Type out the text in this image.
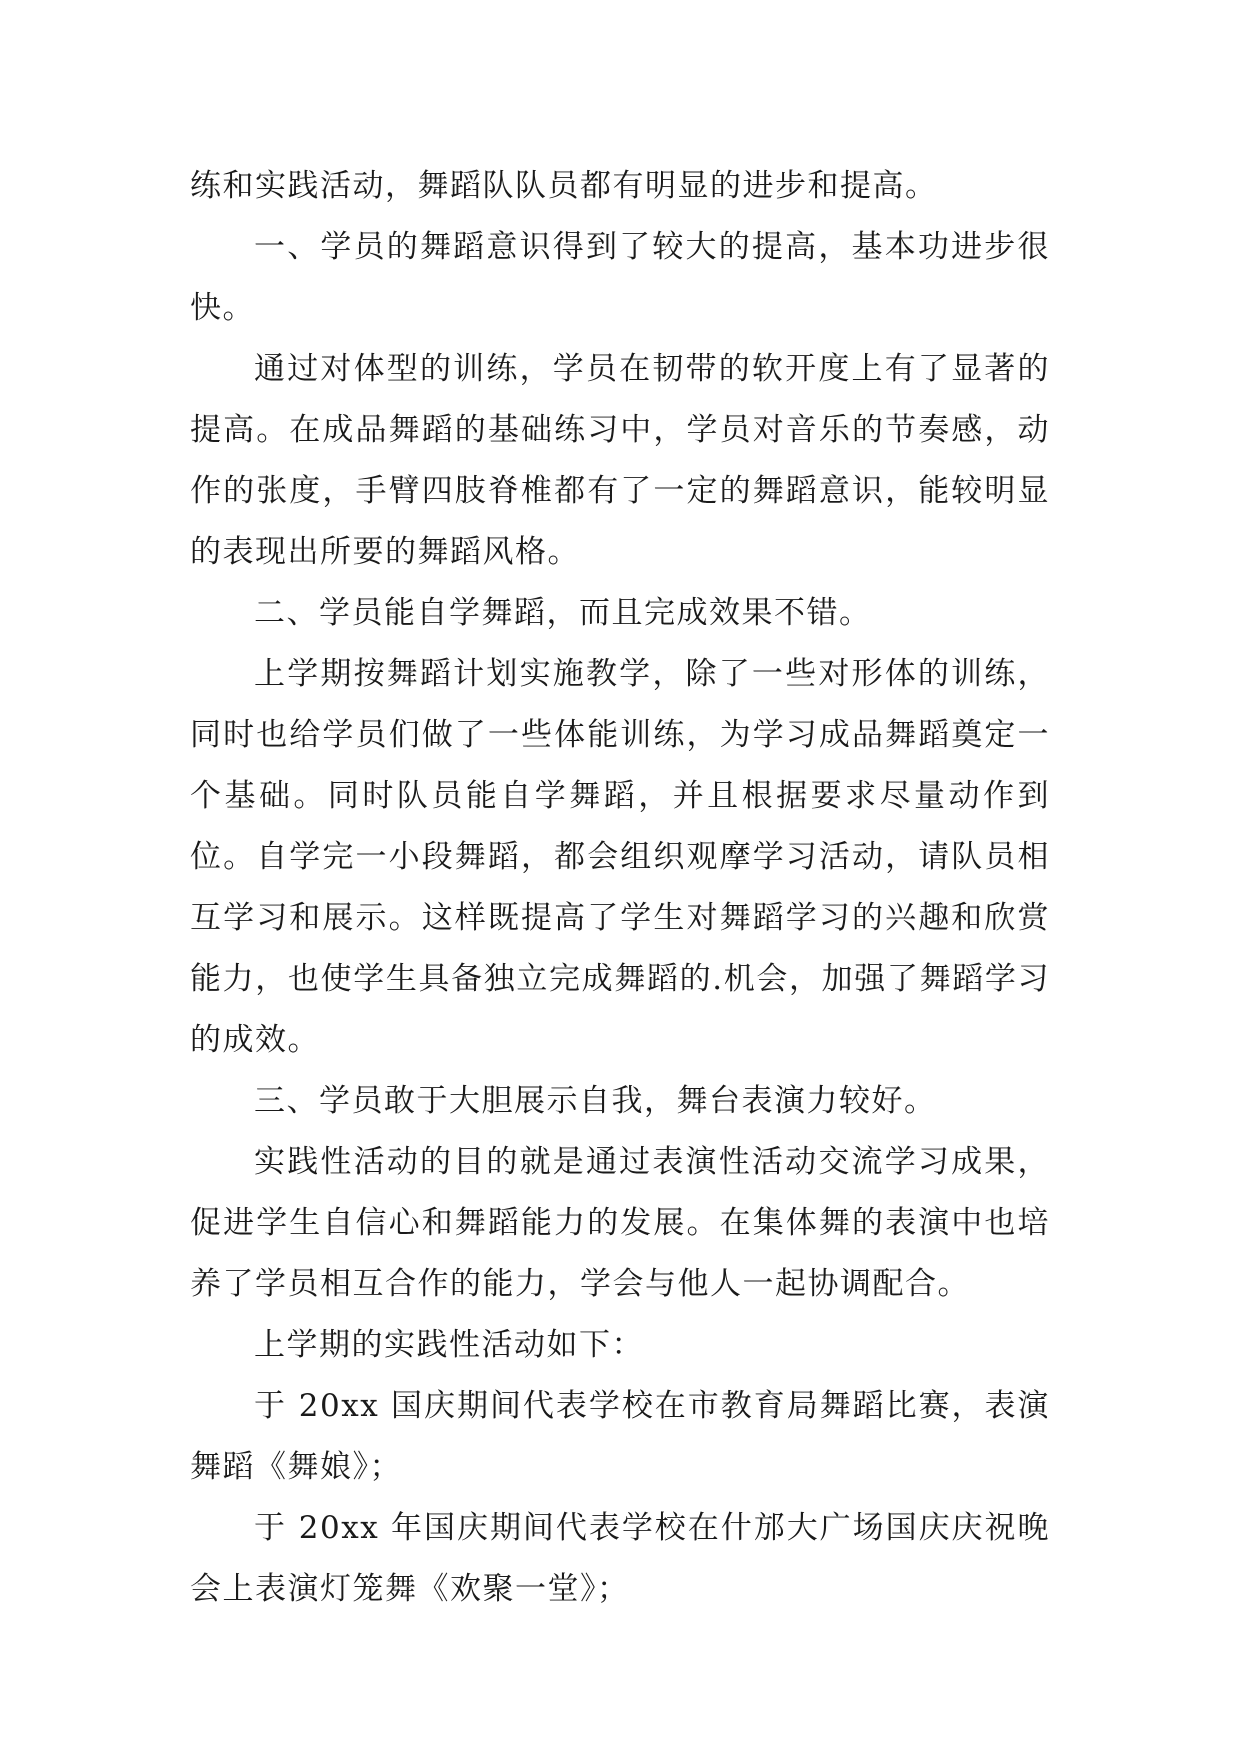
练和实践活动，舞蹈队队员都有明显的进步和提高。

一、学员的舞蹈意识得到了较大的提高，基本功进步很快。

通过对体型的训练，学员在韧带的软开度上有了显著的提高。在成品舞蹈的基础练习中，学员对音乐的节奏感，动作的张度，手臂四肢脊椎都有了一定的舞蹈意识，能较明显的表现出所要的舞蹈风格。

二、学员能自学舞蹈，而且完成效果不错。

上学期按舞蹈计划实施教学，除了一些对形体的训练，同时也给学员们做了一些体能训练，为学习成品舞蹈奠定一个基础。同时队员能自学舞蹈，并且根据要求尽量动作到位。自学完一小段舞蹈，都会组织观摩学习活动，请队员相互学习和展示。这样既提高了学生对舞蹈学习的兴趣和欣赏能力，也使学生具备独立完成舞蹈的.机会，加强了舞蹈学习的成效。

三、学员敢于大胆展示自我，舞台表演力较好。

实践性活动的目的就是通过表演性活动交流学习成果，促进学生自信心和舞蹈能力的发展。在集体舞的表演中也培养了学员相互合作的能力，学会与他人一起协调配合。

上学期的实践性活动如下：

于 20xx 国庆期间代表学校在市教育局舞蹈比赛，表演舞蹈《舞娘》；

于 20xx 年国庆期间代表学校在什邡大广场国庆庆祝晚会上表演灯笼舞《欢聚一堂》；
